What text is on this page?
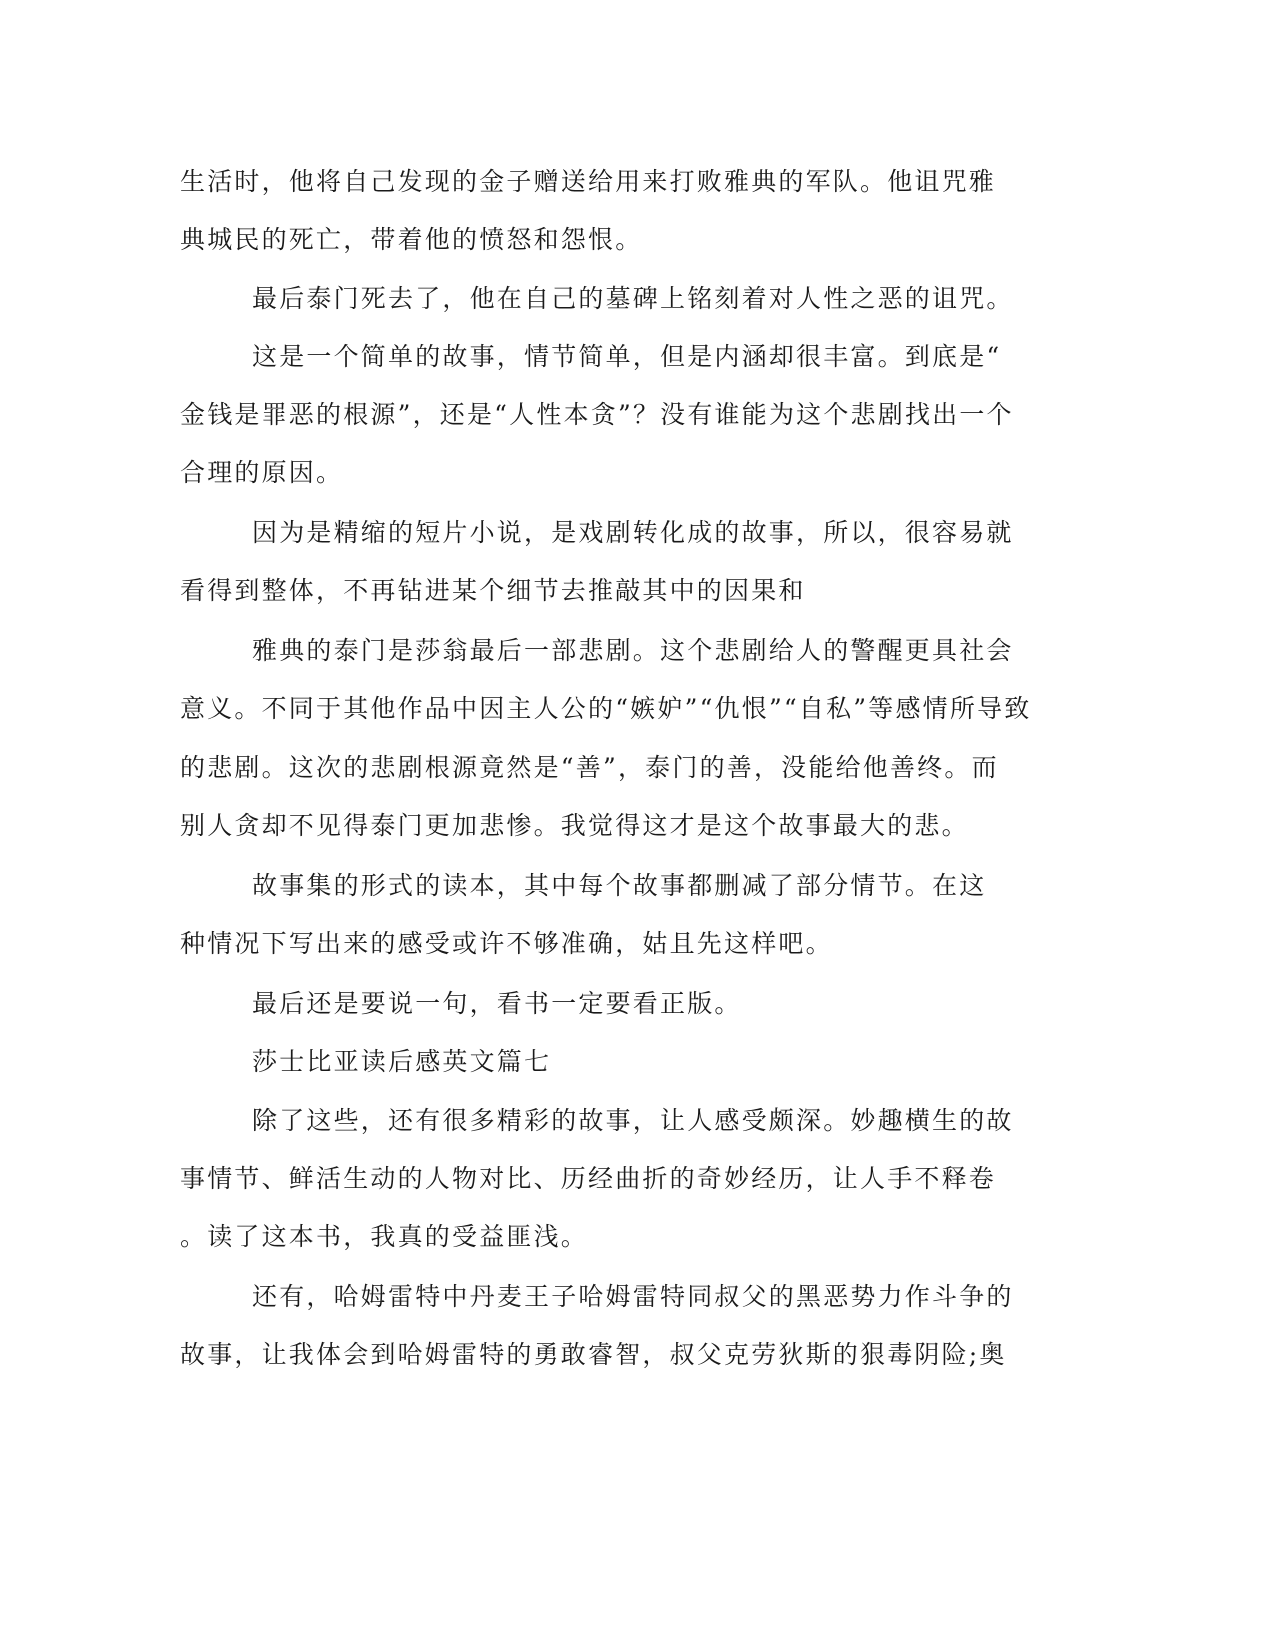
生活时，他将自己发现的金子赠送给用来打败雅典的军队。他诅咒雅
典城民的死亡，带着他的愤怒和怨恨。
最后泰门死去了，他在自己的墓碑上铭刻着对人性之恶的诅咒。
这是一个简单的故事，情节简单，但是内涵却很丰富。到底是“
金钱是罪恶的根源”，还是“人性本贪”？没有谁能为这个悲剧找出一个
合理的原因。
因为是精缩的短片小说，是戏剧转化成的故事，所以，很容易就
看得到整体，不再钻进某个细节去推敲其中的因果和
雅典的泰门是莎翁最后一部悲剧。这个悲剧给人的警醒更具社会
意义。不同于其他作品中因主人公的“嫉妒”“仇恨”“自私”等感情所导致
的悲剧。这次的悲剧根源竟然是“善”，泰门的善，没能给他善终。而
别人贪却不见得泰门更加悲惨。我觉得这才是这个故事最大的悲。
故事集的形式的读本，其中每个故事都删减了部分情节。在这
种情况下写出来的感受或许不够准确，姑且先这样吧。
最后还是要说一句，看书一定要看正版。
莎士比亚读后感英文篇七
除了这些，还有很多精彩的故事，让人感受颇深。妙趣横生的故
事情节、鲜活生动的人物对比、历经曲折的奇妙经历，让人手不释卷
。读了这本书，我真的受益匪浅。
还有，哈姆雷特中丹麦王子哈姆雷特同叔父的黑恶势力作斗争的
故事，让我体会到哈姆雷特的勇敢睿智，叔父克劳狄斯的狠毒阴险;奥
